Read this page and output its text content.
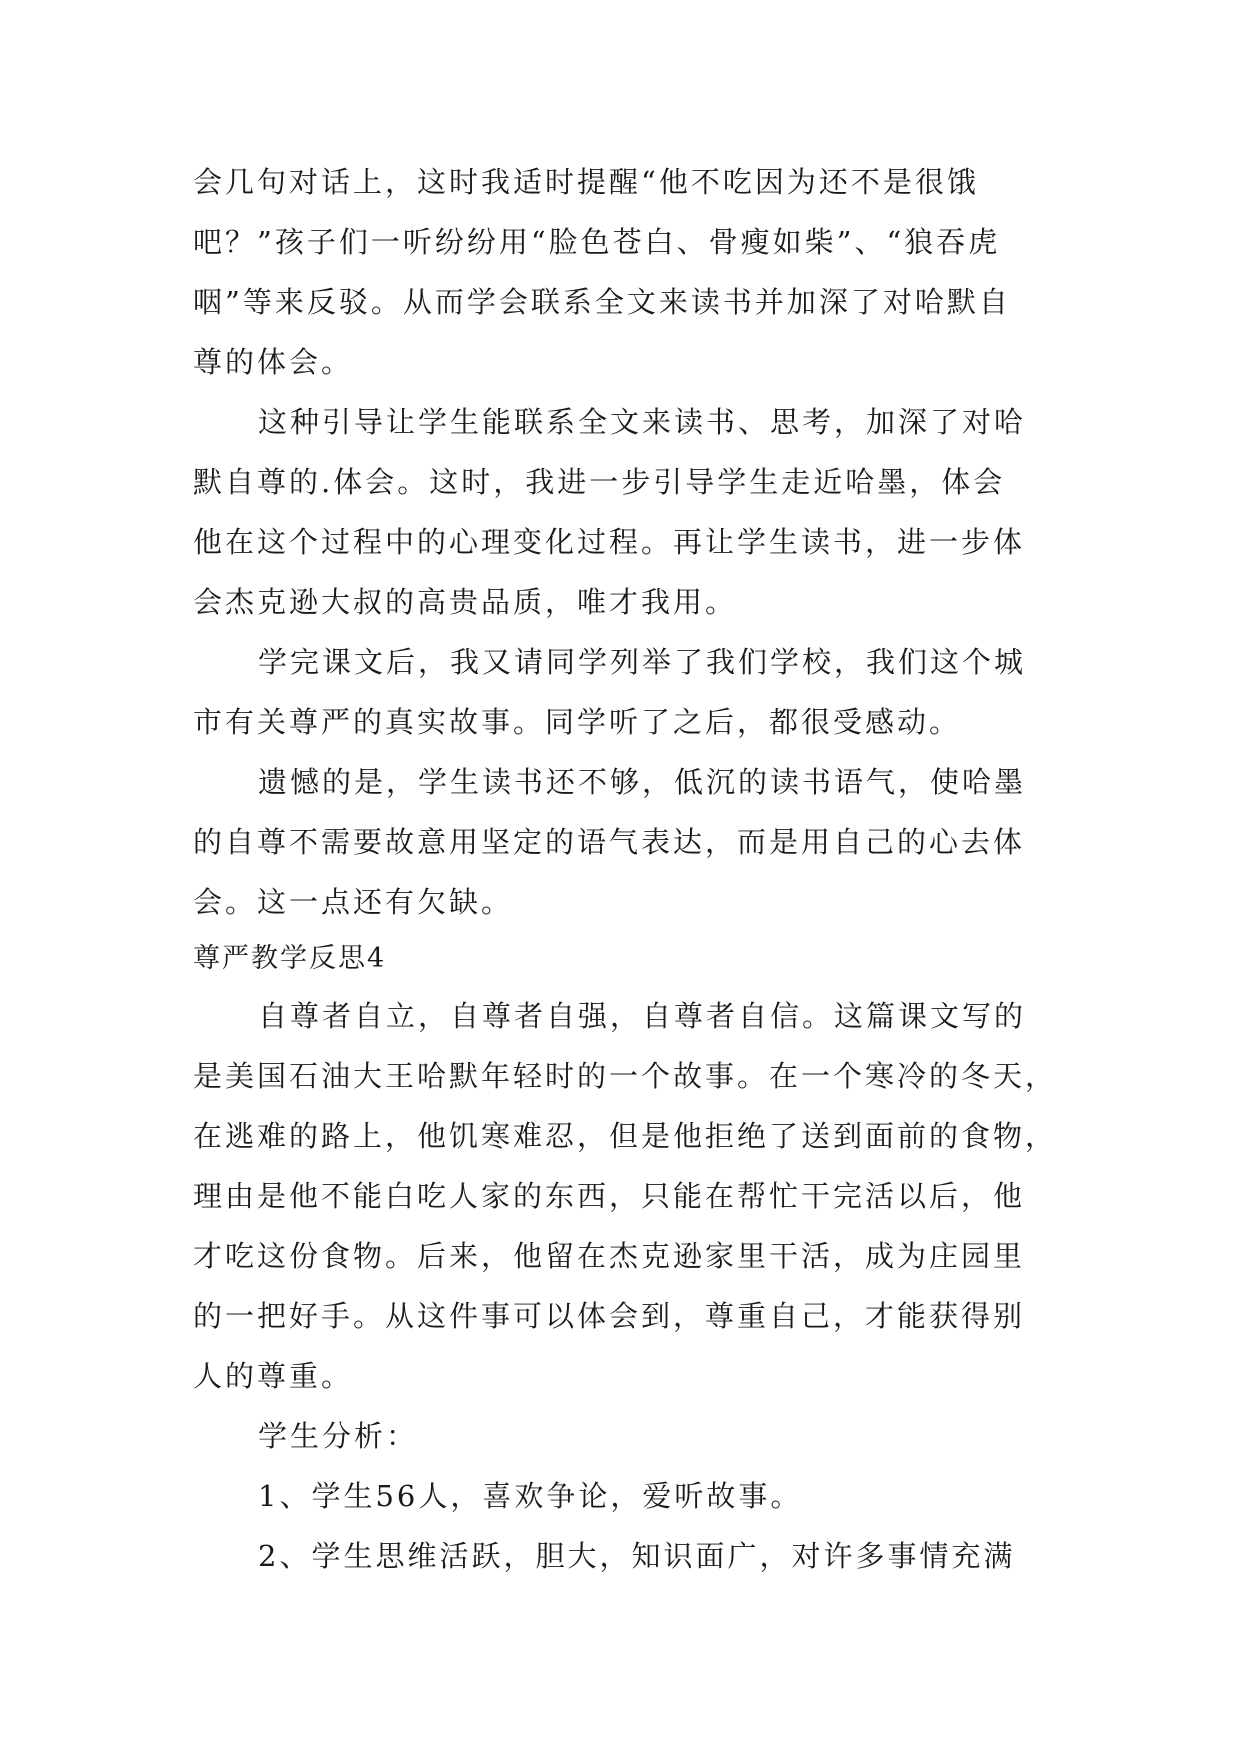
会几句对话上，这时我适时提醒“他不吃因为还不是很饿
吧？”孩子们一听纷纷用“脸色苍白、骨瘦如柴”、“狼吞虎
咽”等来反驳。从而学会联系全文来读书并加深了对哈默自
尊的体会。
这种引导让学生能联系全文来读书、思考，加深了对哈
默自尊的.体会。这时，我进一步引导学生走近哈墨，体会
他在这个过程中的心理变化过程。再让学生读书，进一步体
会杰克逊大叔的高贵品质，唯才我用。
学完课文后，我又请同学列举了我们学校，我们这个城
市有关尊严的真实故事。同学听了之后，都很受感动。
遗憾的是，学生读书还不够，低沉的读书语气，使哈墨
的自尊不需要故意用坚定的语气表达，而是用自己的心去体
会。这一点还有欠缺。
尊严教学反思4
自尊者自立，自尊者自强，自尊者自信。这篇课文写的
是美国石油大王哈默年轻时的一个故事。在一个寒冷的冬天，
在逃难的路上，他饥寒难忍，但是他拒绝了送到面前的食物，
理由是他不能白吃人家的东西，只能在帮忙干完活以后，他
才吃这份食物。后来，他留在杰克逊家里干活，成为庄园里
的一把好手。从这件事可以体会到，尊重自己，才能获得别
人的尊重。
学生分析：
1、学生56人，喜欢争论，爱听故事。
2、学生思维活跃，胆大，知识面广，对许多事情充满
